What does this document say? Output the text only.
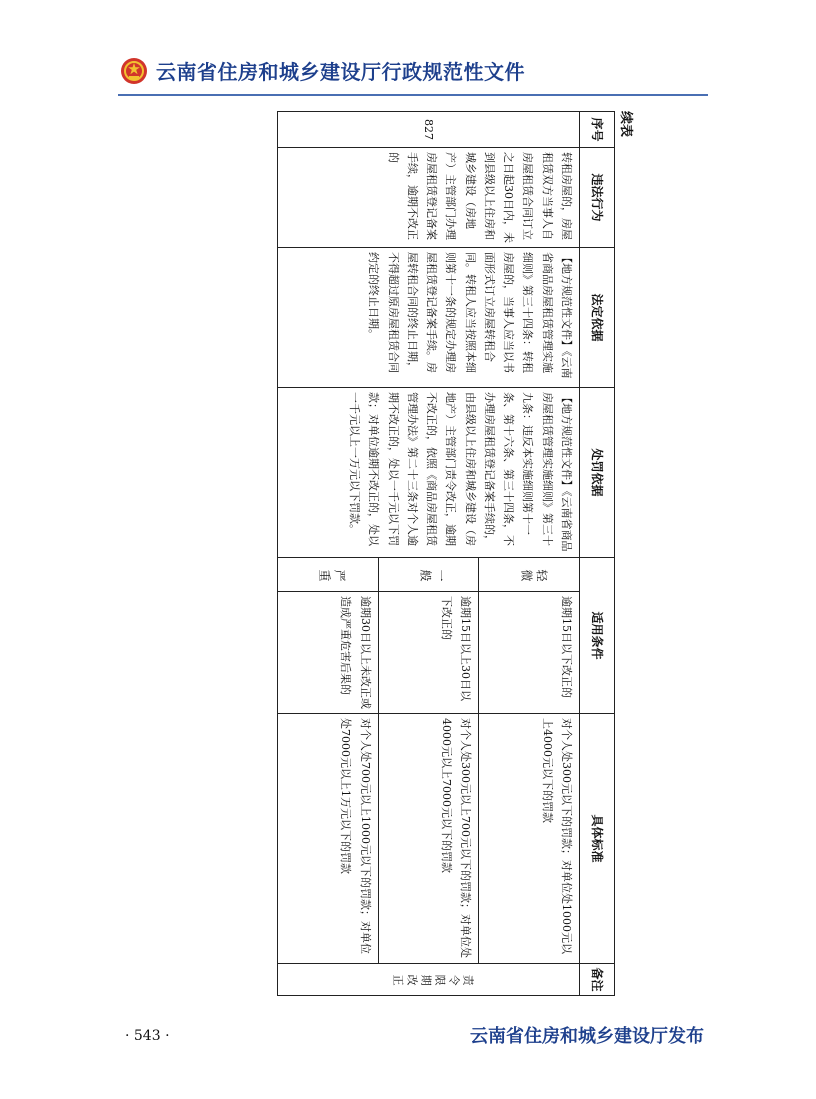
云南省住房和城乡建设厅行政规范性文件
续表
序号	违法行为	法定依据	处罚依据	适用条件		具体标准	备注
827	转租房屋的，房屋租赁双方当事人自房屋租赁合同订立之日起30日内，未到县级以上住房和城乡建设（房地产）主管部门办理房屋租赁登记备案手续，逾期不改正的	【地方规范性文件】《云南省商品房屋租赁管理实施细则》第三十四条：转租房屋的，当事人应当以书面形式订立房屋转租合同。转租人应当按照本细则第十一条的规定办理房屋租赁登记备案手续。房屋转租合同的终止日期，不得超过原房屋租赁合同约定的终止日期。	【地方规范性文件】《云南省商品房屋租赁管理实施细则》第三十九条：违反本实施细则第十一条、第十六条、第三十四条，不办理房屋租赁登记备案手续的，由县级以上住房和城乡建设（房地产）主管部门责令改正，逾期不改正的，依照《商品房屋租赁管理办法》第二十三条对个人逾期不改正的，处以一千元以下罚款；对单位逾期不改正的，处以一千元以上一万元以下罚款。	轻微	逾期15日以下改正的	对个人处300元以下的罚款；对单位处1000元以上4000元以下的罚款	责令限期改正
				一般	逾期15日以上30日以下改正的	对个人处300元以上700元以下的罚款；对单位处4000元以上7000元以下的罚款	
				严重	逾期30日以上未改正或造成严重危害后果的	对个人处700元以上1000元以下的罚款；对单位处7000元以上1万元以下的罚款	
· 543 ·	云南省住房和城乡建设厅发布
